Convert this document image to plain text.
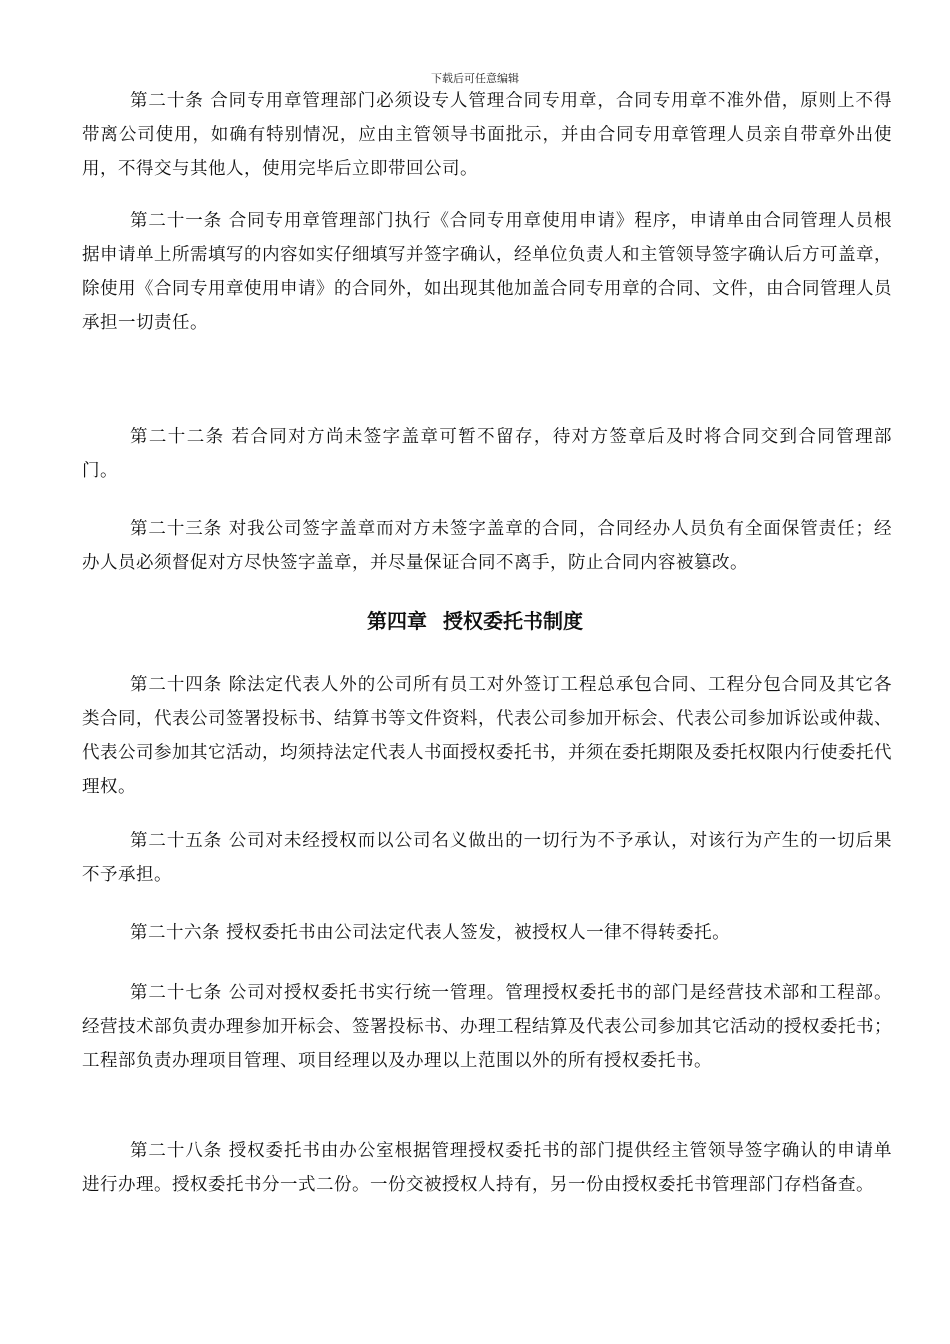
下载后可任意编辑

第二十条 合同专用章管理部门必须设专人管理合同专用章，合同专用章不准外借，原则上不得带离公司使用，如确有特别情况，应由主管领导书面批示，并由合同专用章管理人员亲自带章外出使用，不得交与其他人，使用完毕后立即带回公司。

第二十一条 合同专用章管理部门执行《合同专用章使用申请》程序，申请单由合同管理人员根据申请单上所需填写的内容如实仔细填写并签字确认，经单位负责人和主管领导签字确认后方可盖章，除使用《合同专用章使用申请》的合同外，如出现其他加盖合同专用章的合同、文件，由合同管理人员承担一切责任。

第二十二条 若合同对方尚未签字盖章可暂不留存，待对方签章后及时将合同交到合同管理部门。

第二十三条 对我公司签字盖章而对方未签字盖章的合同，合同经办人员负有全面保管责任；经办人员必须督促对方尽快签字盖章，并尽量保证合同不离手，防止合同内容被篡改。

第四章 授权委托书制度

第二十四条 除法定代表人外的公司所有员工对外签订工程总承包合同、工程分包合同及其它各类合同，代表公司签署投标书、结算书等文件资料，代表公司参加开标会、代表公司参加诉讼或仲裁、代表公司参加其它活动，均须持法定代表人书面授权委托书，并须在委托期限及委托权限内行使委托代理权。

第二十五条 公司对未经授权而以公司名义做出的一切行为不予承认，对该行为产生的一切后果不予承担。

第二十六条 授权委托书由公司法定代表人签发，被授权人一律不得转委托。

第二十七条 公司对授权委托书实行统一管理。管理授权委托书的部门是经营技术部和工程部。经营技术部负责办理参加开标会、签署投标书、办理工程结算及代表公司参加其它活动的授权委托书；工程部负责办理项目管理、项目经理以及办理以上范围以外的所有授权委托书。

第二十八条 授权委托书由办公室根据管理授权委托书的部门提供经主管领导签字确认的申请单进行办理。授权委托书分一式二份。一份交被授权人持有，另一份由授权委托书管理部门存档备查。
